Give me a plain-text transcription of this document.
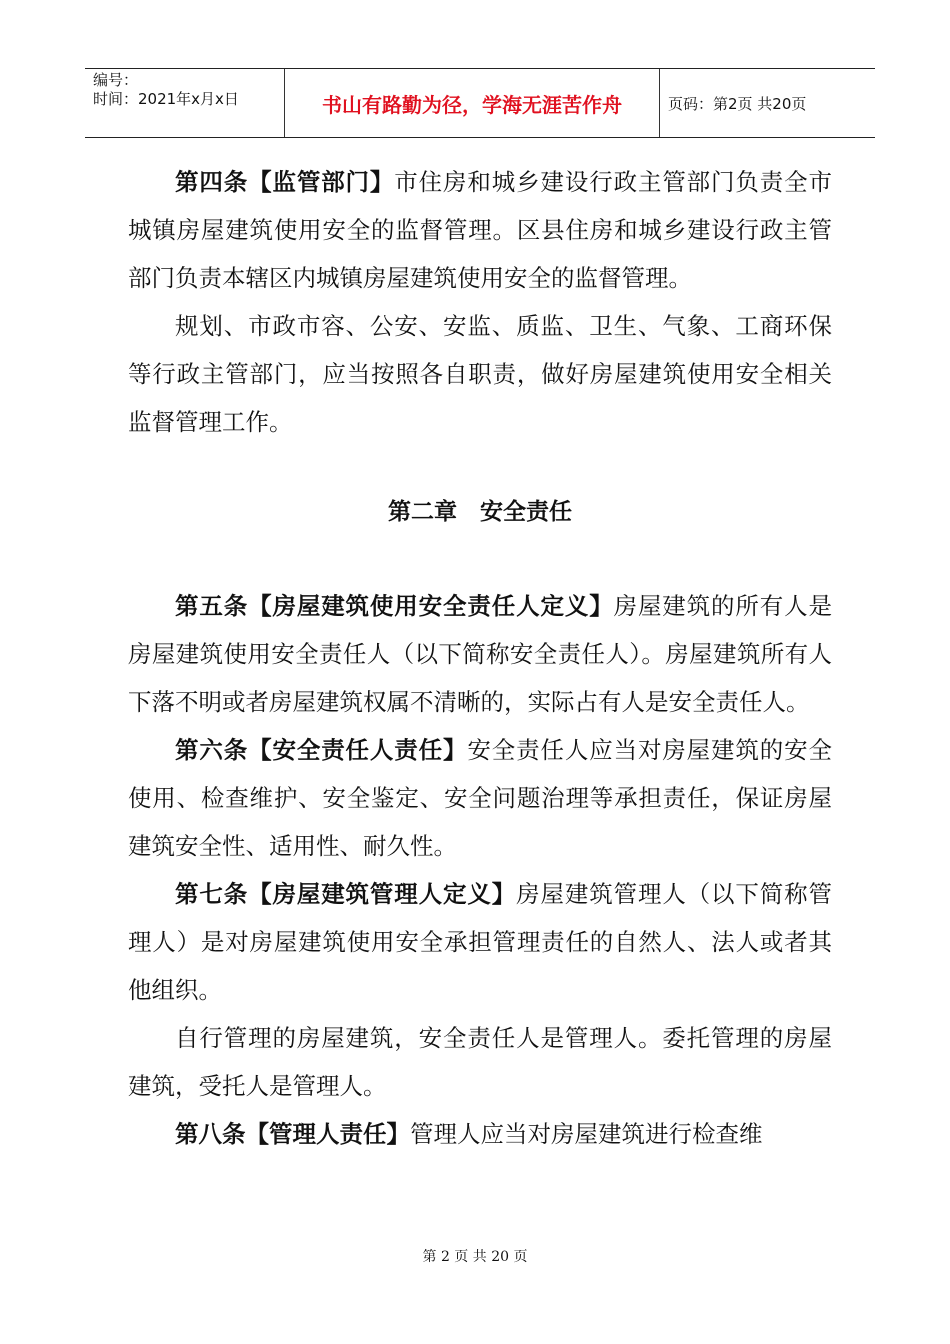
编号：
时间：2021年x月x日	书山有路勤为径，学海无涯苦作舟	页码：第2页 共20页

第四条【监管部门】市住房和城乡建设行政主管部门负责全市城镇房屋建筑使用安全的监督管理。区县住房和城乡建设行政主管部门负责本辖区内城镇房屋建筑使用安全的监督管理。

规划、市政市容、公安、安监、质监、卫生、气象、工商环保等行政主管部门，应当按照各自职责，做好房屋建筑使用安全相关监督管理工作。

第二章　安全责任

第五条【房屋建筑使用安全责任人定义】房屋建筑的所有人是房屋建筑使用安全责任人（以下简称安全责任人）。房屋建筑所有人下落不明或者房屋建筑权属不清晰的，实际占有人是安全责任人。

第六条【安全责任人责任】安全责任人应当对房屋建筑的安全使用、检查维护、安全鉴定、安全问题治理等承担责任，保证房屋建筑安全性、适用性、耐久性。

第七条【房屋建筑管理人定义】房屋建筑管理人（以下简称管理人）是对房屋建筑使用安全承担管理责任的自然人、法人或者其他组织。

自行管理的房屋建筑，安全责任人是管理人。委托管理的房屋建筑，受托人是管理人。

第八条【管理人责任】管理人应当对房屋建筑进行检查维

第 2 页 共 20 页
